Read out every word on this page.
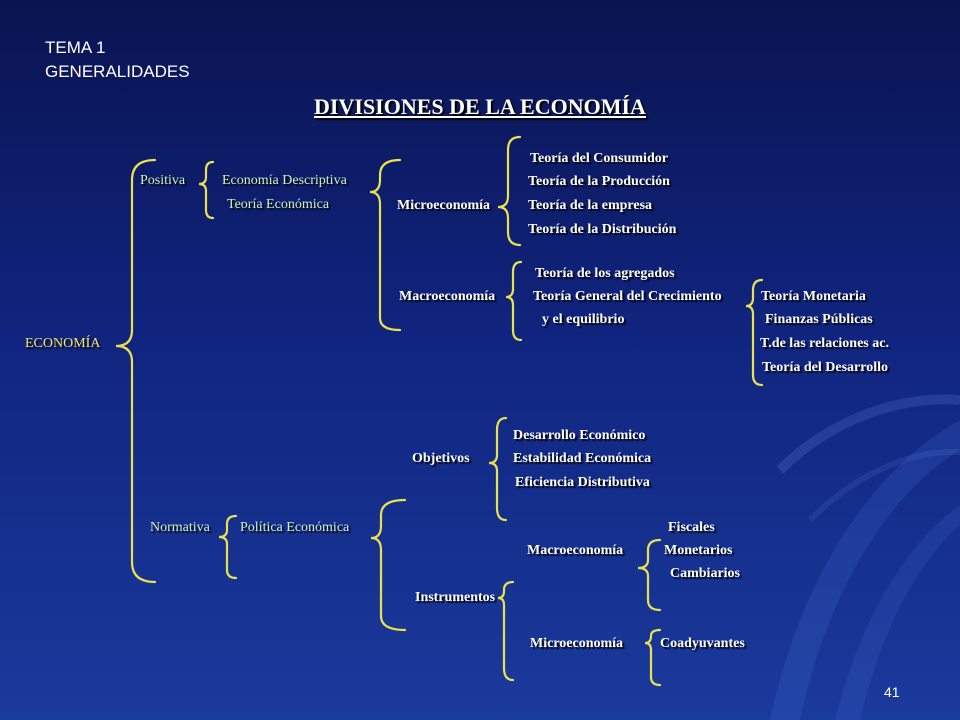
TEMA 1
GENERALIDADES
DIVISIONES DE LA ECONOMÍA
ECONOMÍA
Positiva	Economía Descriptiva
Teoría Económica	Microeconomía
Teoría del Consumidor
Teoría de la Producción
Teoría de la empresa
Teoría de la Distribución
Macroeconomía
Teoría de los agregados
Teoría General del Crecimiento
y el equilibrio
Teoría Monetaria
Finanzas Públicas
T.de las relaciones ac.
Teoría del Desarrollo
Objetivos
Desarrollo Económico
Estabilidad Económica
Eficiencia Distributiva
Normativa Política Económica	Fiscales
Macroeconomía	Monetarios
Cambiarios
Instrumentos
Microeconomía	Coadyuvantes
41
